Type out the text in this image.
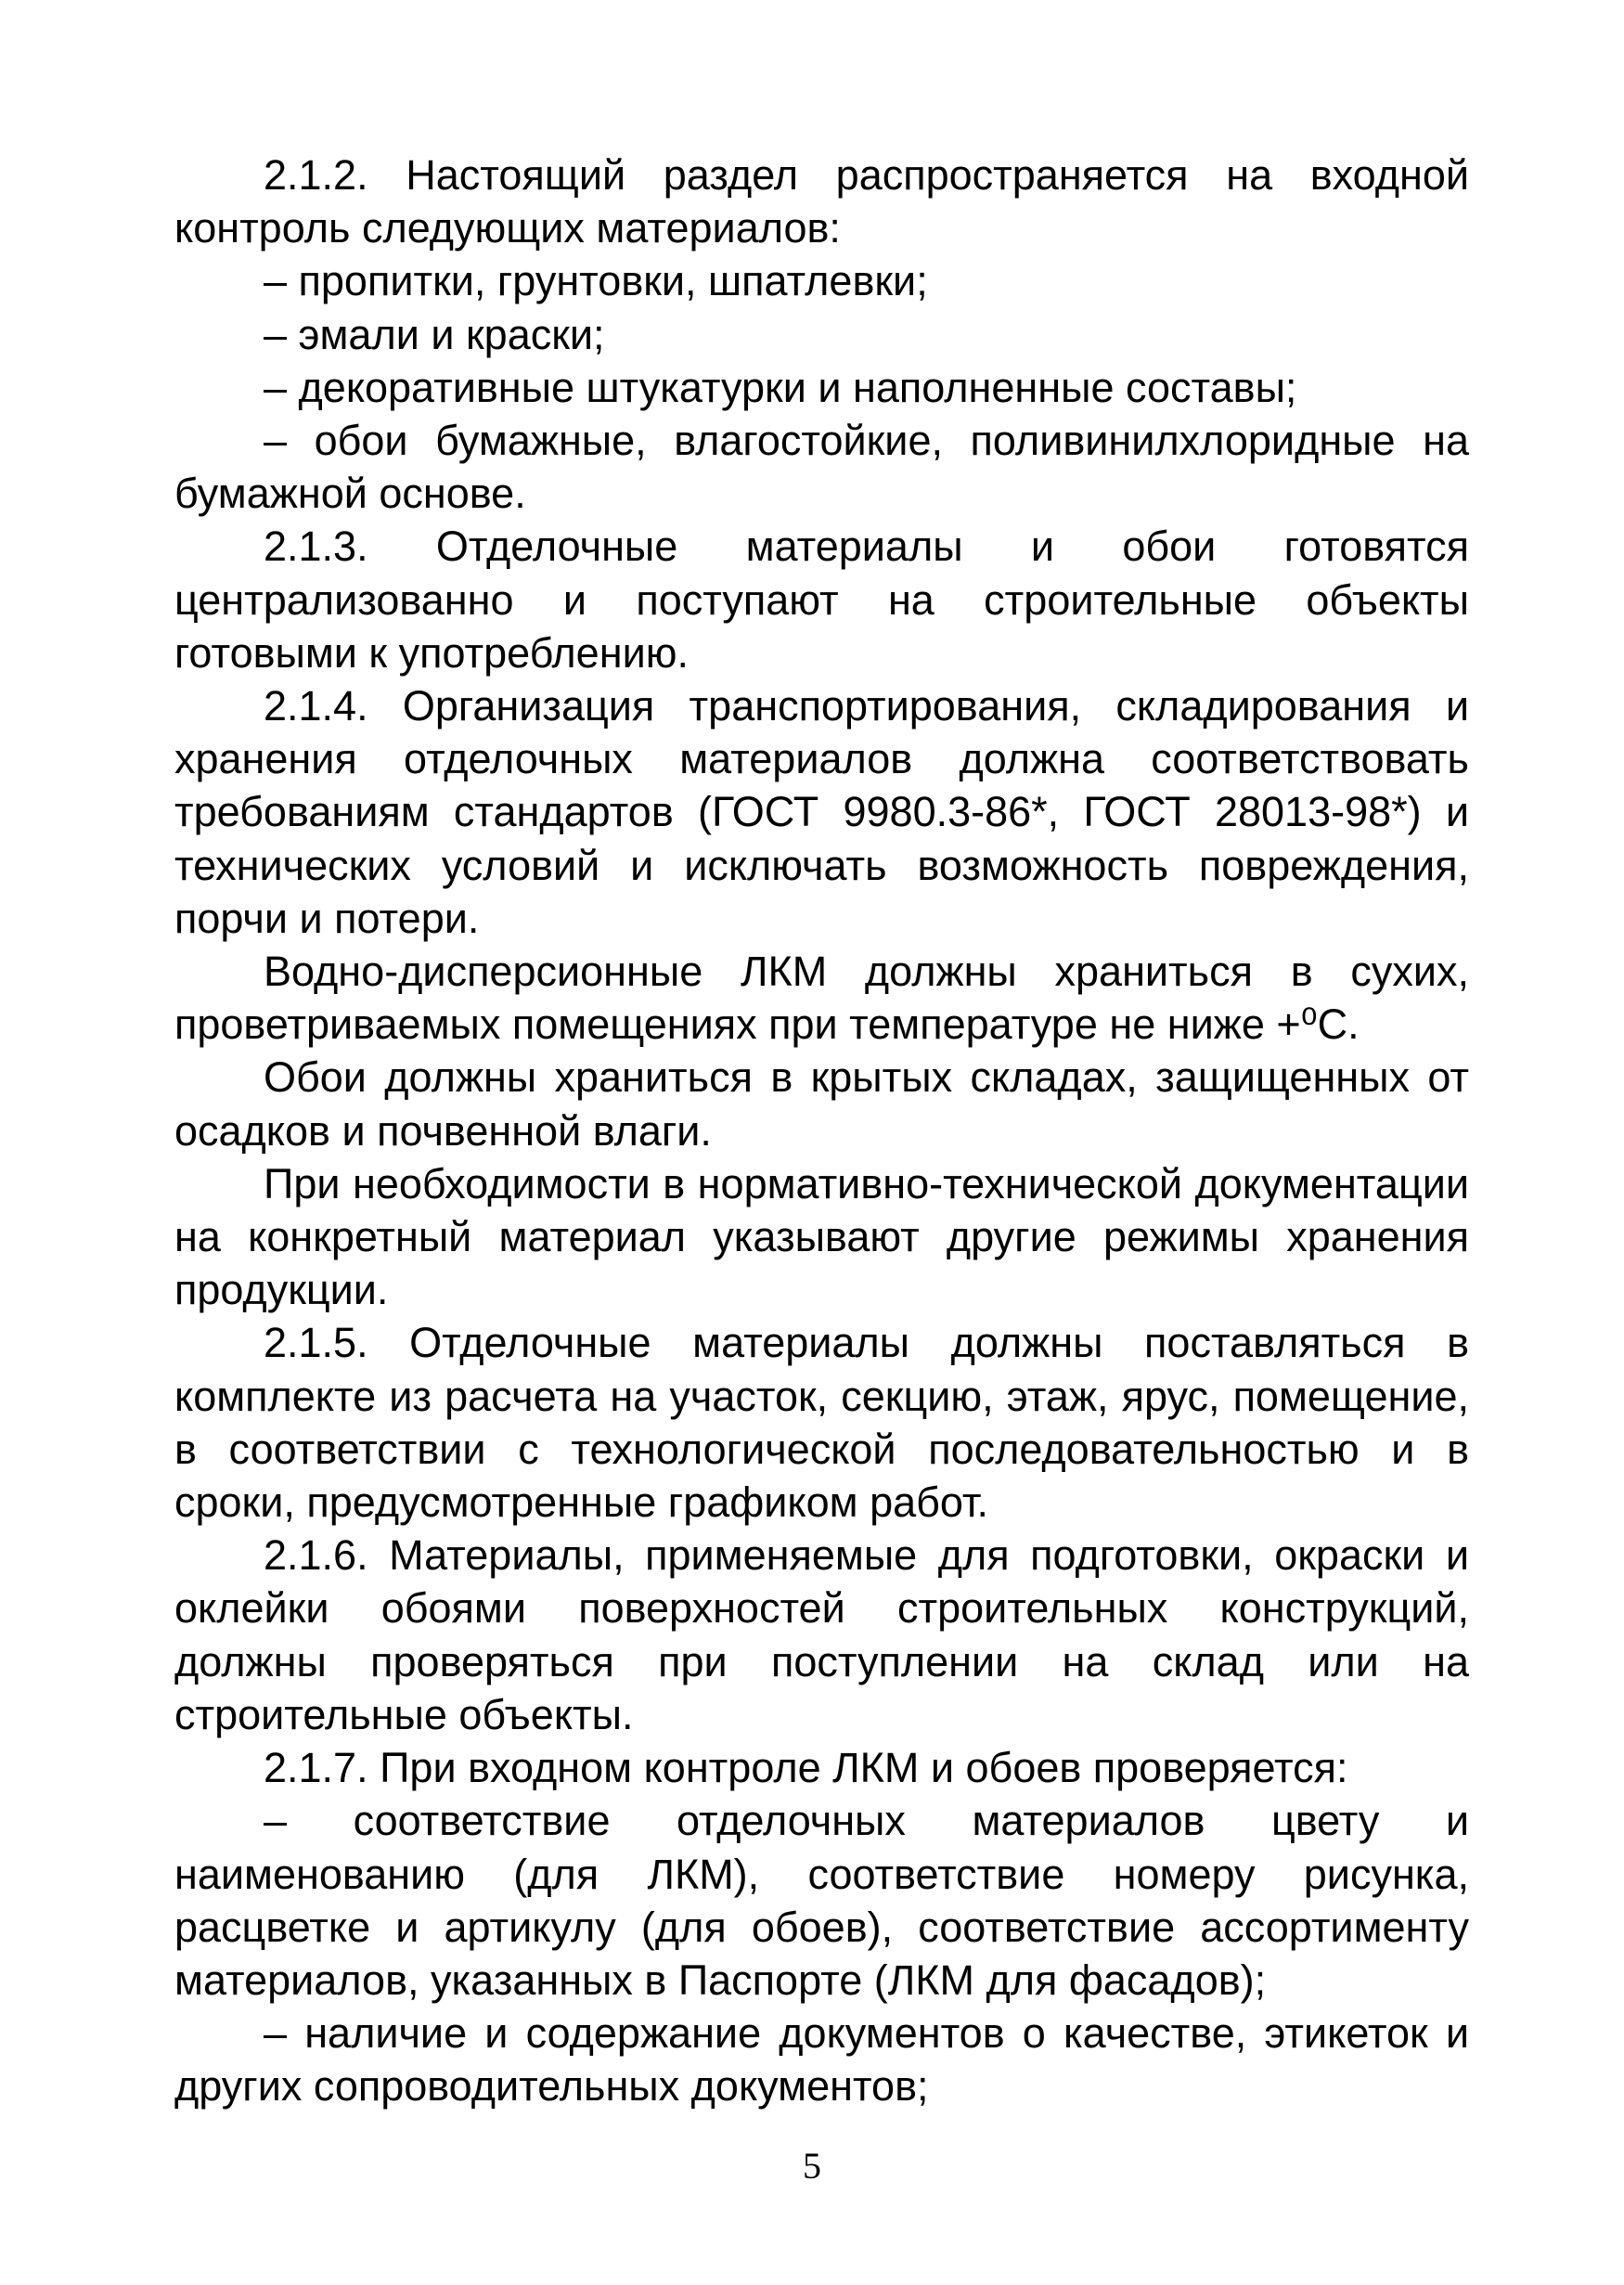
2.1.2. Настоящий раздел распространяется на входной контроль следующих материалов:

– пропитки, грунтовки, шпатлевки;

– эмали и краски;

– декоративные штукатурки и наполненные составы;

– обои бумажные, влагостойкие, поливинилхлоридные на бумажной основе.

2.1.3. Отделочные материалы и обои готовятся централизованно и поступают на строительные объекты готовыми к употреблению.

2.1.4. Организация транспортирования, складирования и хранения отделочных материалов должна соответствовать требованиям стандартов (ГОСТ 9980.3-86*, ГОСТ 28013-98*) и технических условий и исключать возможность повреждения, порчи и потери.

Водно-дисперсионные ЛКМ должны храниться в сухих, проветриваемых помещениях при температуре не ниже +⁰С.

Обои должны храниться в крытых складах, защищенных от осадков и почвенной влаги.

При необходимости в нормативно-технической документации на конкретный материал указывают другие режимы хранения продукции.

2.1.5. Отделочные материалы должны поставляться в комплекте из расчета на участок, секцию, этаж, ярус, помещение, в соответствии с технологической последовательностью и в сроки, предусмотренные графиком работ.

2.1.6. Материалы, применяемые для подготовки, окраски и оклейки обоями поверхностей строительных конструкций, должны проверяться при поступлении на склад или на строительные объекты.

2.1.7. При входном контроле ЛКМ и обоев проверяется:

– соответствие отделочных материалов цвету и наименованию (для ЛКМ), соответствие номеру рисунка, расцветке и артикулу (для обоев), соответствие ассортименту материалов, указанных в Паспорте (ЛКМ для фасадов);

– наличие и содержание документов о качестве, этикеток и других сопроводительных документов;

5
